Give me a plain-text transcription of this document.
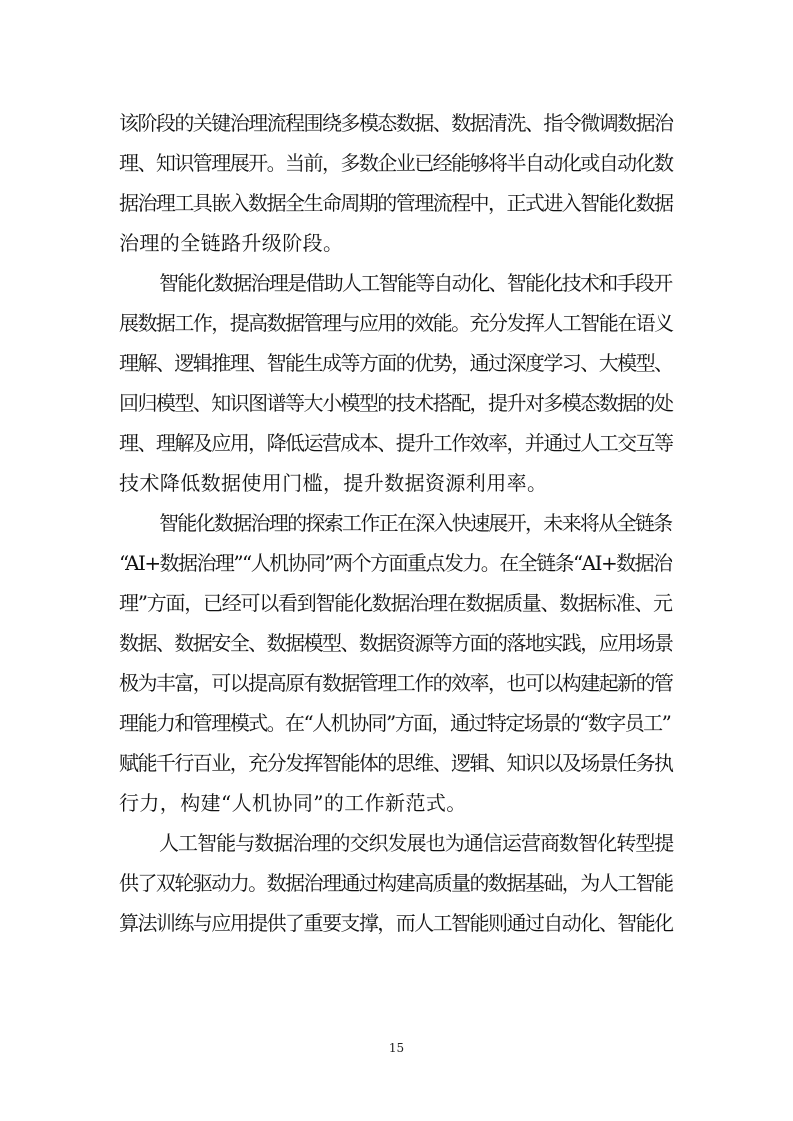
该阶段的关键治理流程围绕多模态数据、数据清洗、指令微调数据治
理、知识管理展开。当前，多数企业已经能够将半自动化或自动化数
据治理工具嵌入数据全生命周期的管理流程中，正式进入智能化数据
治理的全链路升级阶段。
智能化数据治理是借助人工智能等自动化、智能化技术和手段开
展数据工作，提高数据管理与应用的效能。充分发挥人工智能在语义
理解、逻辑推理、智能生成等方面的优势，通过深度学习、大模型、
回归模型、知识图谱等大小模型的技术搭配，提升对多模态数据的处
理、理解及应用，降低运营成本、提升工作效率，并通过人工交互等
技术降低数据使用门槛，提升数据资源利用率。
智能化数据治理的探索工作正在深入快速展开，未来将从全链条
“AI+数据治理”“人机协同”两个方面重点发力。在全链条“AI+数据治
理”方面，已经可以看到智能化数据治理在数据质量、数据标准、元
数据、数据安全、数据模型、数据资源等方面的落地实践，应用场景
极为丰富，可以提高原有数据管理工作的效率，也可以构建起新的管
理能力和管理模式。在“人机协同”方面，通过特定场景的“数字员工”
赋能千行百业，充分发挥智能体的思维、逻辑、知识以及场景任务执
行力，构建“人机协同”的工作新范式。
人工智能与数据治理的交织发展也为通信运营商数智化转型提
供了双轮驱动力。数据治理通过构建高质量的数据基础，为人工智能
算法训练与应用提供了重要支撑，而人工智能则通过自动化、智能化
15
